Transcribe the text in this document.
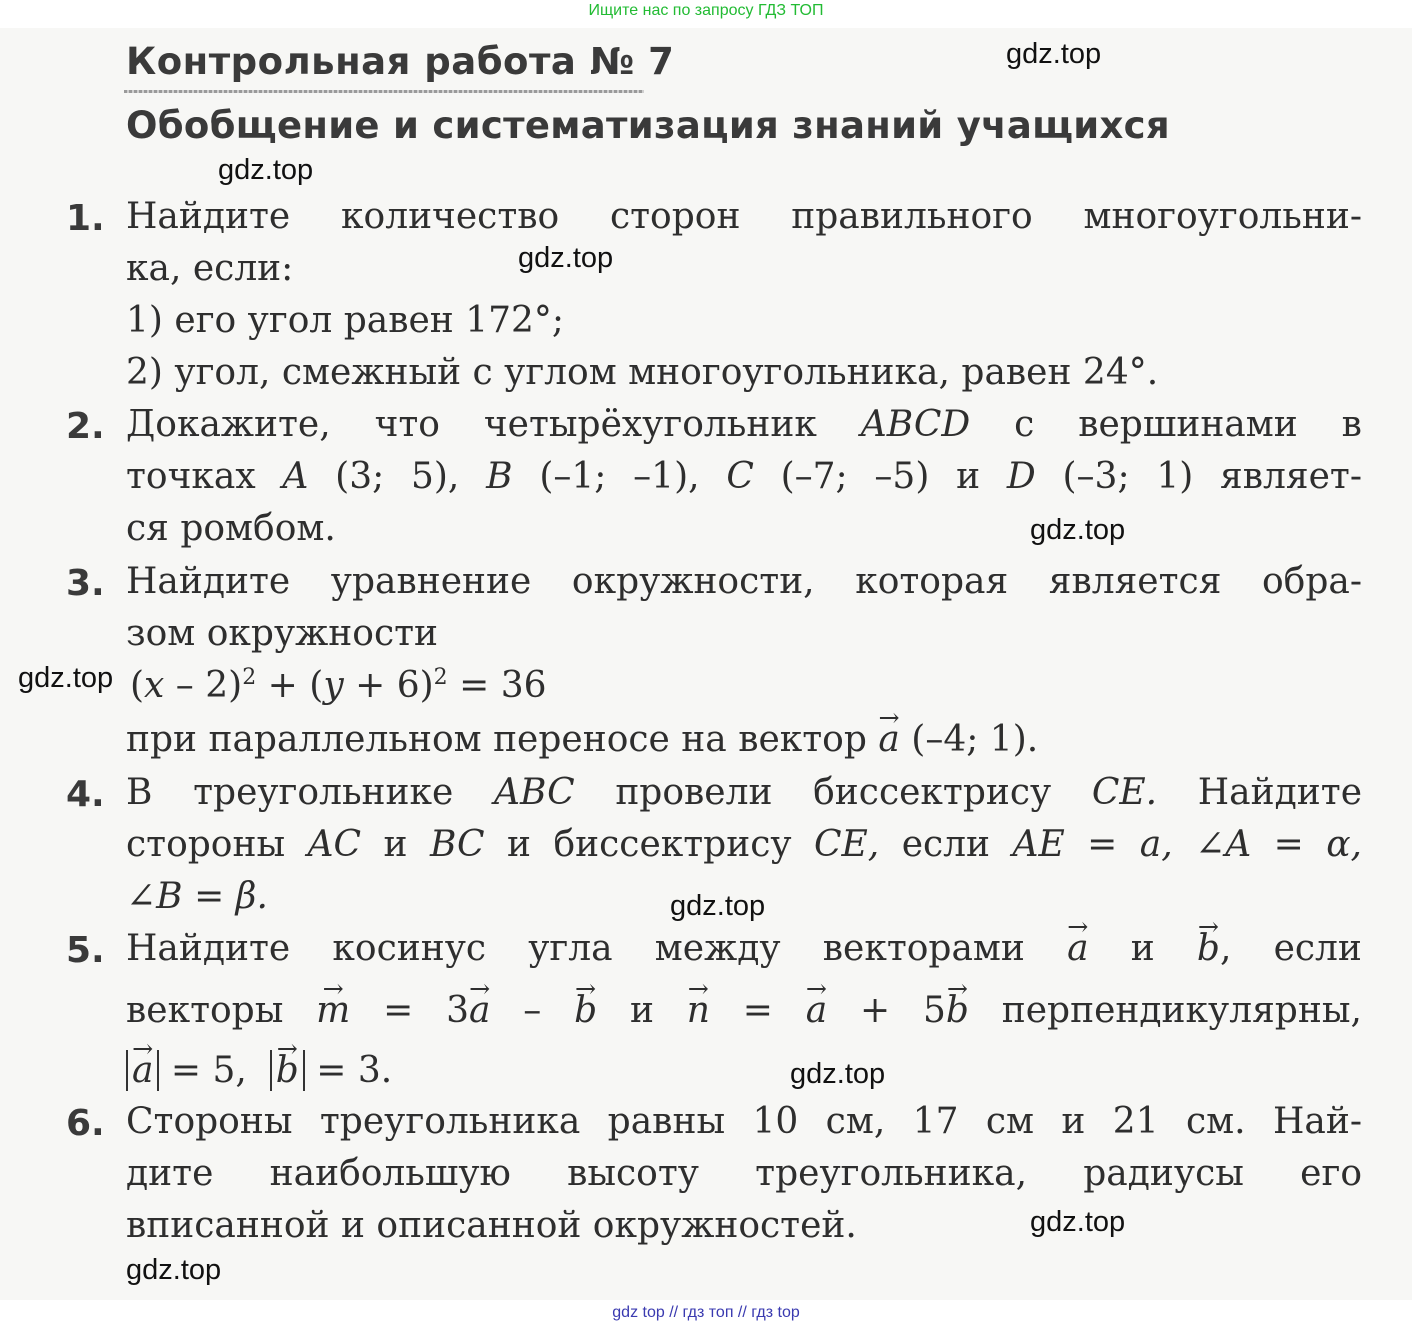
Ищите нас по запросу ГДЗ ТОП
Контрольная работа № 7
Обобщение и систематизация знаний учащихся
1. Найдите количество сторон правильного многоугольни-
ка, если:
1) его угол равен 172°;
2) угол, смежный с углом многоугольника, равен 24°.
2. Докажите, что четырёхугольник ABCD с вершинами в
точках A (3; 5), B (–1; –1), C (–7; –5) и D (–3; 1) являет-
ся ромбом.
3. Найдите уравнение окружности, которая является обра-
зом окружности
$(x - 2)^2 + (y + 6)^2 = 36$
при параллельном переносе на вектор → a (–4; 1).
4. В треугольнике ABC провели биссектрису CE. Найдите
стороны AC и BC и биссектрису CE, если AE = a, ∠A = α,
∠B = β.
5. Найдите косинус угла между векторами → a и → b, если
векторы → m = 3→ a – → b и → n = → a + 5→ b перпендикулярны,
→ a = 5, → b = 3.
6. Стороны треугольника равны 10 см, 17 см и 21 см. Най-
дите наибольшую высоту треугольника, радиусы его
вписанной и описанной окружностей.
gdz.top
gdz.top
gdz.top
gdz.top
gdz.top
gdz.top
gdz.top
gdz.top
gdz.top
gdz top // гдз топ // гдз top
